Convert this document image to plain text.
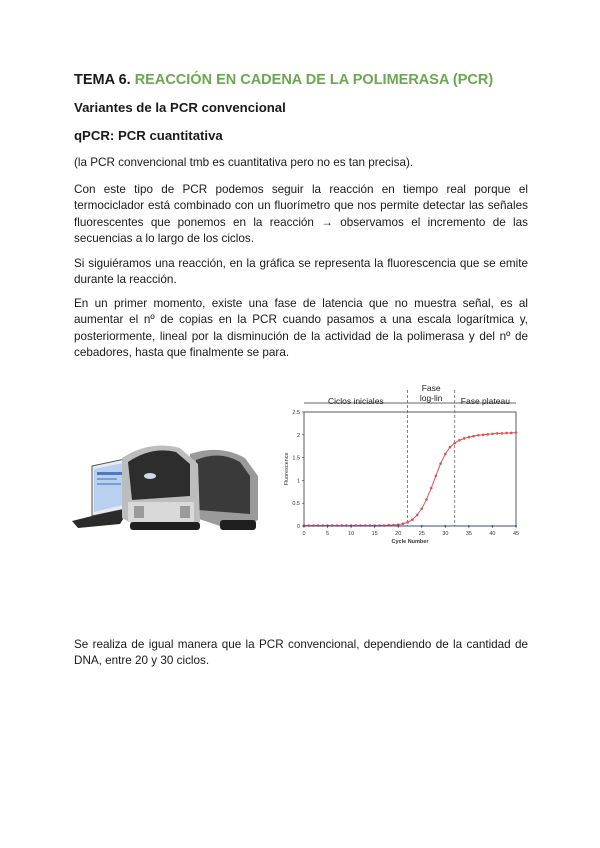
TEMA 6. REACCIÓN EN CADENA DE LA POLIMERASA (PCR)
Variantes de la PCR convencional
qPCR: PCR cuantitativa
(la PCR convencional tmb es cuantitativa pero no es tan precisa).
Con este tipo de PCR podemos seguir la reacción en tiempo real porque el termociclador está combinado con un fluorímetro que nos permite detectar las señales fluorescentes que ponemos en la reacción → observamos el incremento de las secuencias a lo largo de los ciclos.
Si siguiéramos una reacción, en la gráfica se representa la fluorescencia que se emite durante la reacción.
En un primer momento, existe una fase de latencia que no muestra señal, es al aumentar el nº de copias en la PCR cuando pasamos a una escala logarítmica y, posteriormente, lineal por la disminución de la actividad de la polimerasa y del nº de cebadores, hasta que finalmente se para.
Se realiza de igual manera que la PCR convencional, dependiendo de la cantidad de DNA, entre 20 y 30 ciclos.
Ciclos iniciales
Fase
log-lin Fase plateau
0	5	10	15	20	25	30	35	40	45
0
0.5
1
1.5
2
2.5
Cycle Number
Fluorescence
